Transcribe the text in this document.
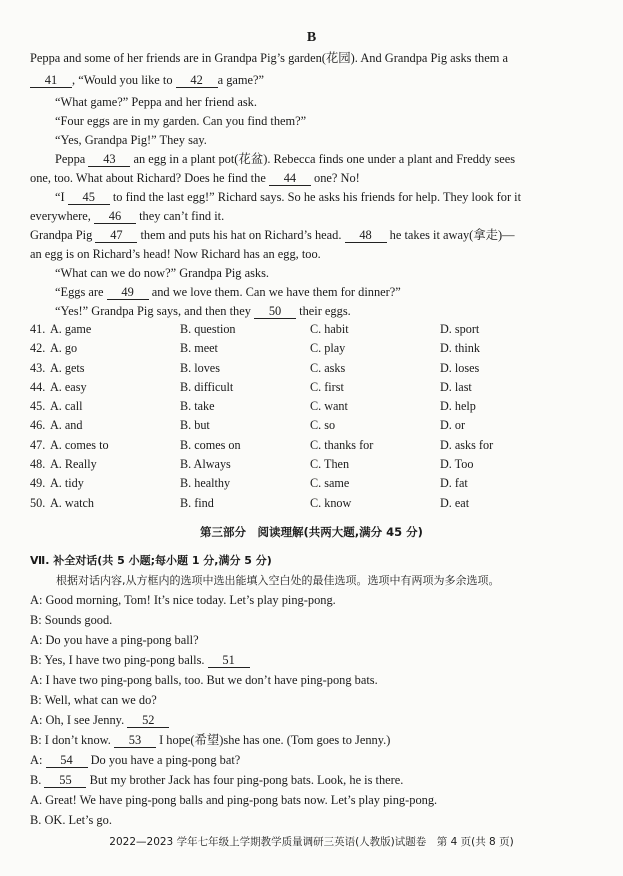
B
Peppa and some of her friends are in Grandpa Pig’s garden(花园). And Grandpa Pig asks them a
41 , “Would you like to 42 a game?”
“What game?” Peppa and her friend ask.
“Four eggs are in my garden. Can you find them?”
“Yes, Grandpa Pig!” They say.
Peppa 43 an egg in a plant pot(花盆). Rebecca finds one under a plant and Freddy sees
one, too. What about Richard? Does he find the 44 one? No!
“I 45 to find the last egg!” Richard says. So he asks his friends for help. They look for it
everywhere, 46 they can’t find it.
Grandpa Pig 47 them and puts his hat on Richard’s head. 48 he takes it away(拿走)—
an egg is on Richard’s head! Now Richard has an egg, too.
“What can we do now?” Grandpa Pig asks.
“Eggs are 49 and we love them. Can we have them for dinner?”
“Yes!” Grandpa Pig says, and then they 50 their eggs.
41. A. game	B. question	C. habit	D. sport
42. A. go	B. meet	C. play	D. think
43. A. gets	B. loves	C. asks	D. loses
44. A. easy	B. difficult	C. first	D. last
45. A. call	B. take	C. want	D. help
46. A. and	B. but	C. so	D. or
47. A. comes to	B. comes on	C. thanks for	D. asks for
48. A. Really	B. Always	C. Then	D. Too
49. A. tidy	B. healthy	C. same	D. fat
50. A. watch	B. find	C. know	D. eat
第三部分　阅读理解(共两大题,满分 45 分)
Ⅶ. 补全对话(共 5 小题;每小题 1 分,满分 5 分)
根据对话内容,从方框内的选项中选出能填入空白处的最佳选项。选项中有两项为多余选项。
A: Good morning, Tom! It’s nice today. Let’s play ping-pong.
B: Sounds good.
A: Do you have a ping-pong ball?
B: Yes, I have two ping-pong balls. 51
A: I have two ping-pong balls, too. But we don’t have ping-pong bats.
B: Well, what can we do?
A: Oh, I see Jenny. 52
B: I don’t know. 53 I hope(希望)she has one. (Tom goes to Jenny.)
A: 54 Do you have a ping-pong bat?
B. 55 But my brother Jack has four ping-pong bats. Look, he is there.
A. Great! We have ping-pong balls and ping-pong bats now. Let’s play ping-pong.
B. OK. Let’s go.
2022—2023 学年七年级上学期教学质量调研三英语(人教版)试题卷　第 4 页(共 8 页)
